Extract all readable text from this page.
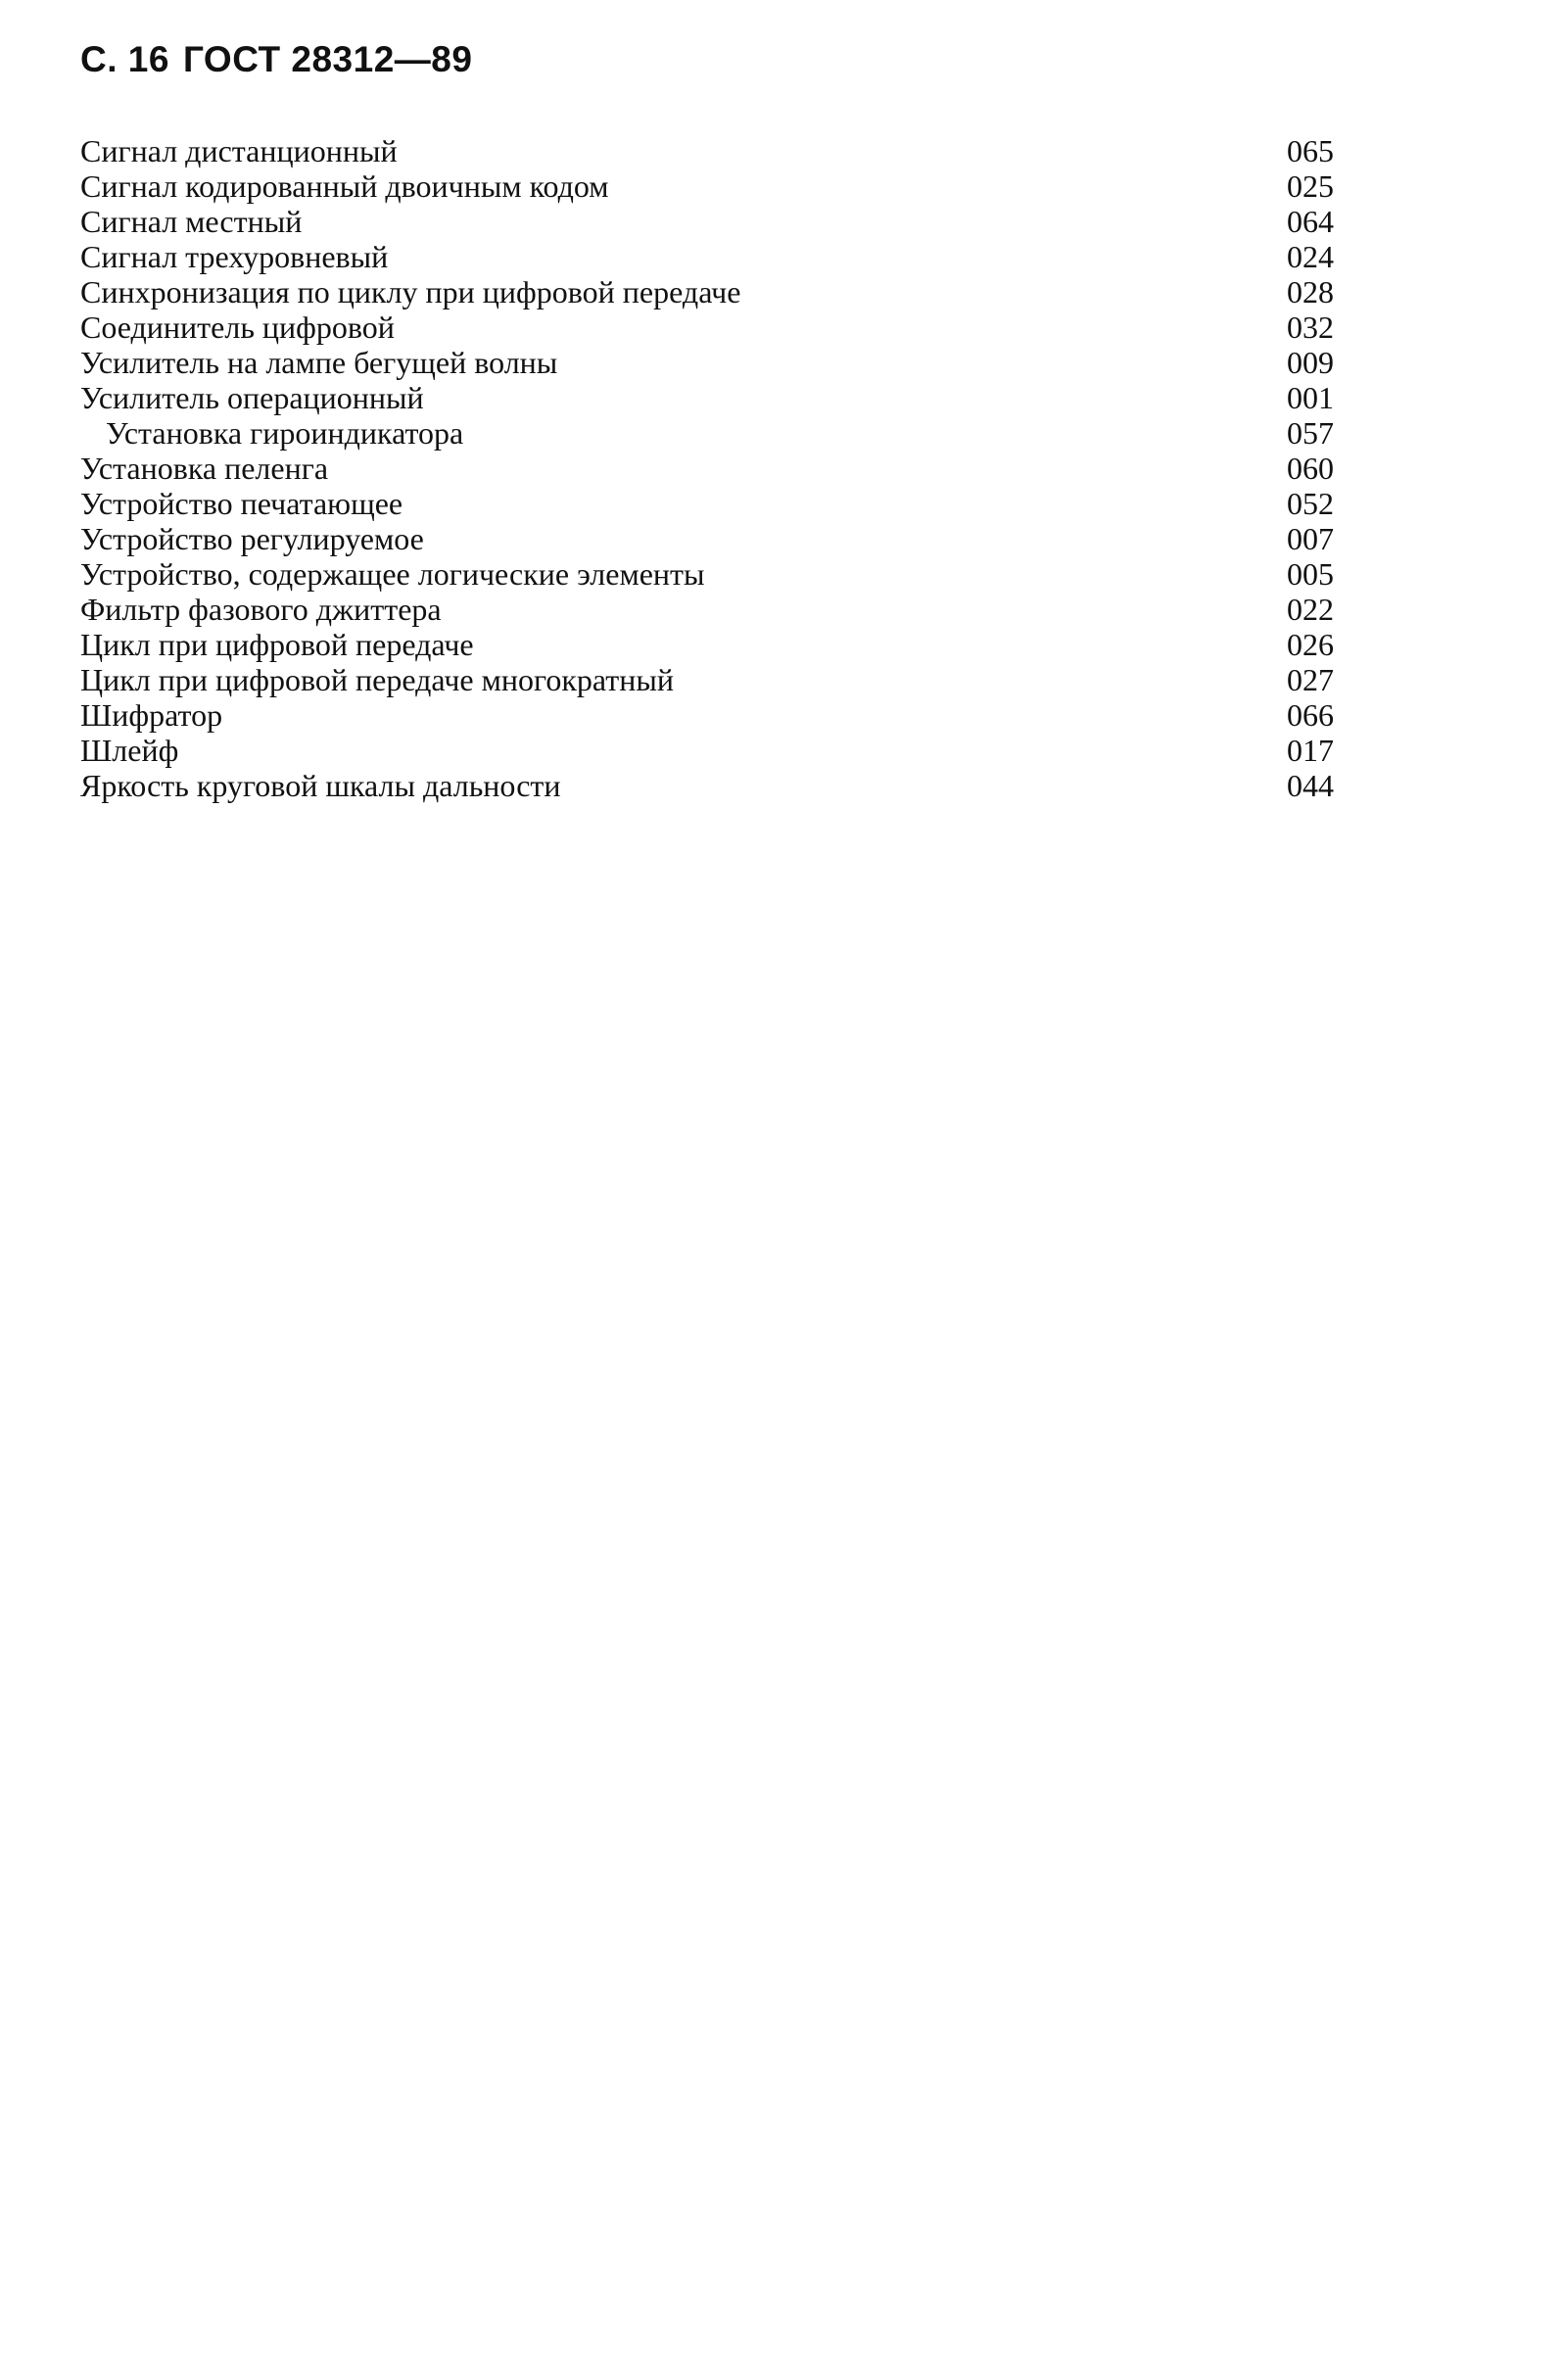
С. 16 ГОСТ 28312—89
Сигнал дистанционный	065
Сигнал кодированный двоичным кодом	025
Сигнал местный	064
Сигнал трехуровневый	024
Синхронизация по циклу при цифровой передаче	028
Соединитель цифровой	032
Усилитель на лампе бегущей волны	009
Усилитель операционный	001
Установка гироиндикатора	057
Установка пеленга	060
Устройство печатающее	052
Устройство регулируемое	007
Устройство, содержащее логические элементы	005
Фильтр фазового джиттера	022
Цикл при цифровой передаче	026
Цикл при цифровой передаче многократный	027
Шифратор	066
Шлейф	017
Яркость круговой шкалы дальности	044
